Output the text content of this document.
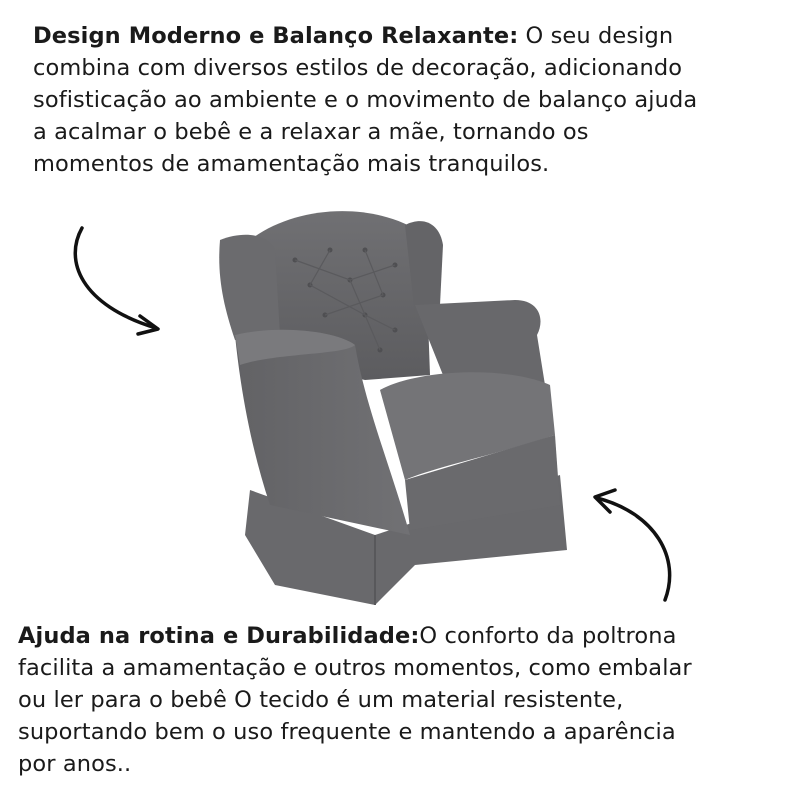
Design Moderno e Balanço Relaxante: O seu design
combina com diversos estilos de decoração, adicionando
sofisticação ao ambiente e o movimento de balanço ajuda
a acalmar o bebê e a relaxar a mãe, tornando os
momentos de amamentação mais tranquilos.
Ajuda na rotina e Durabilidade:O conforto da poltrona
facilita a amamentação e outros momentos, como embalar
ou ler para o bebê O tecido é um material resistente,
suportando bem o uso frequente e mantendo a aparência
por anos..
